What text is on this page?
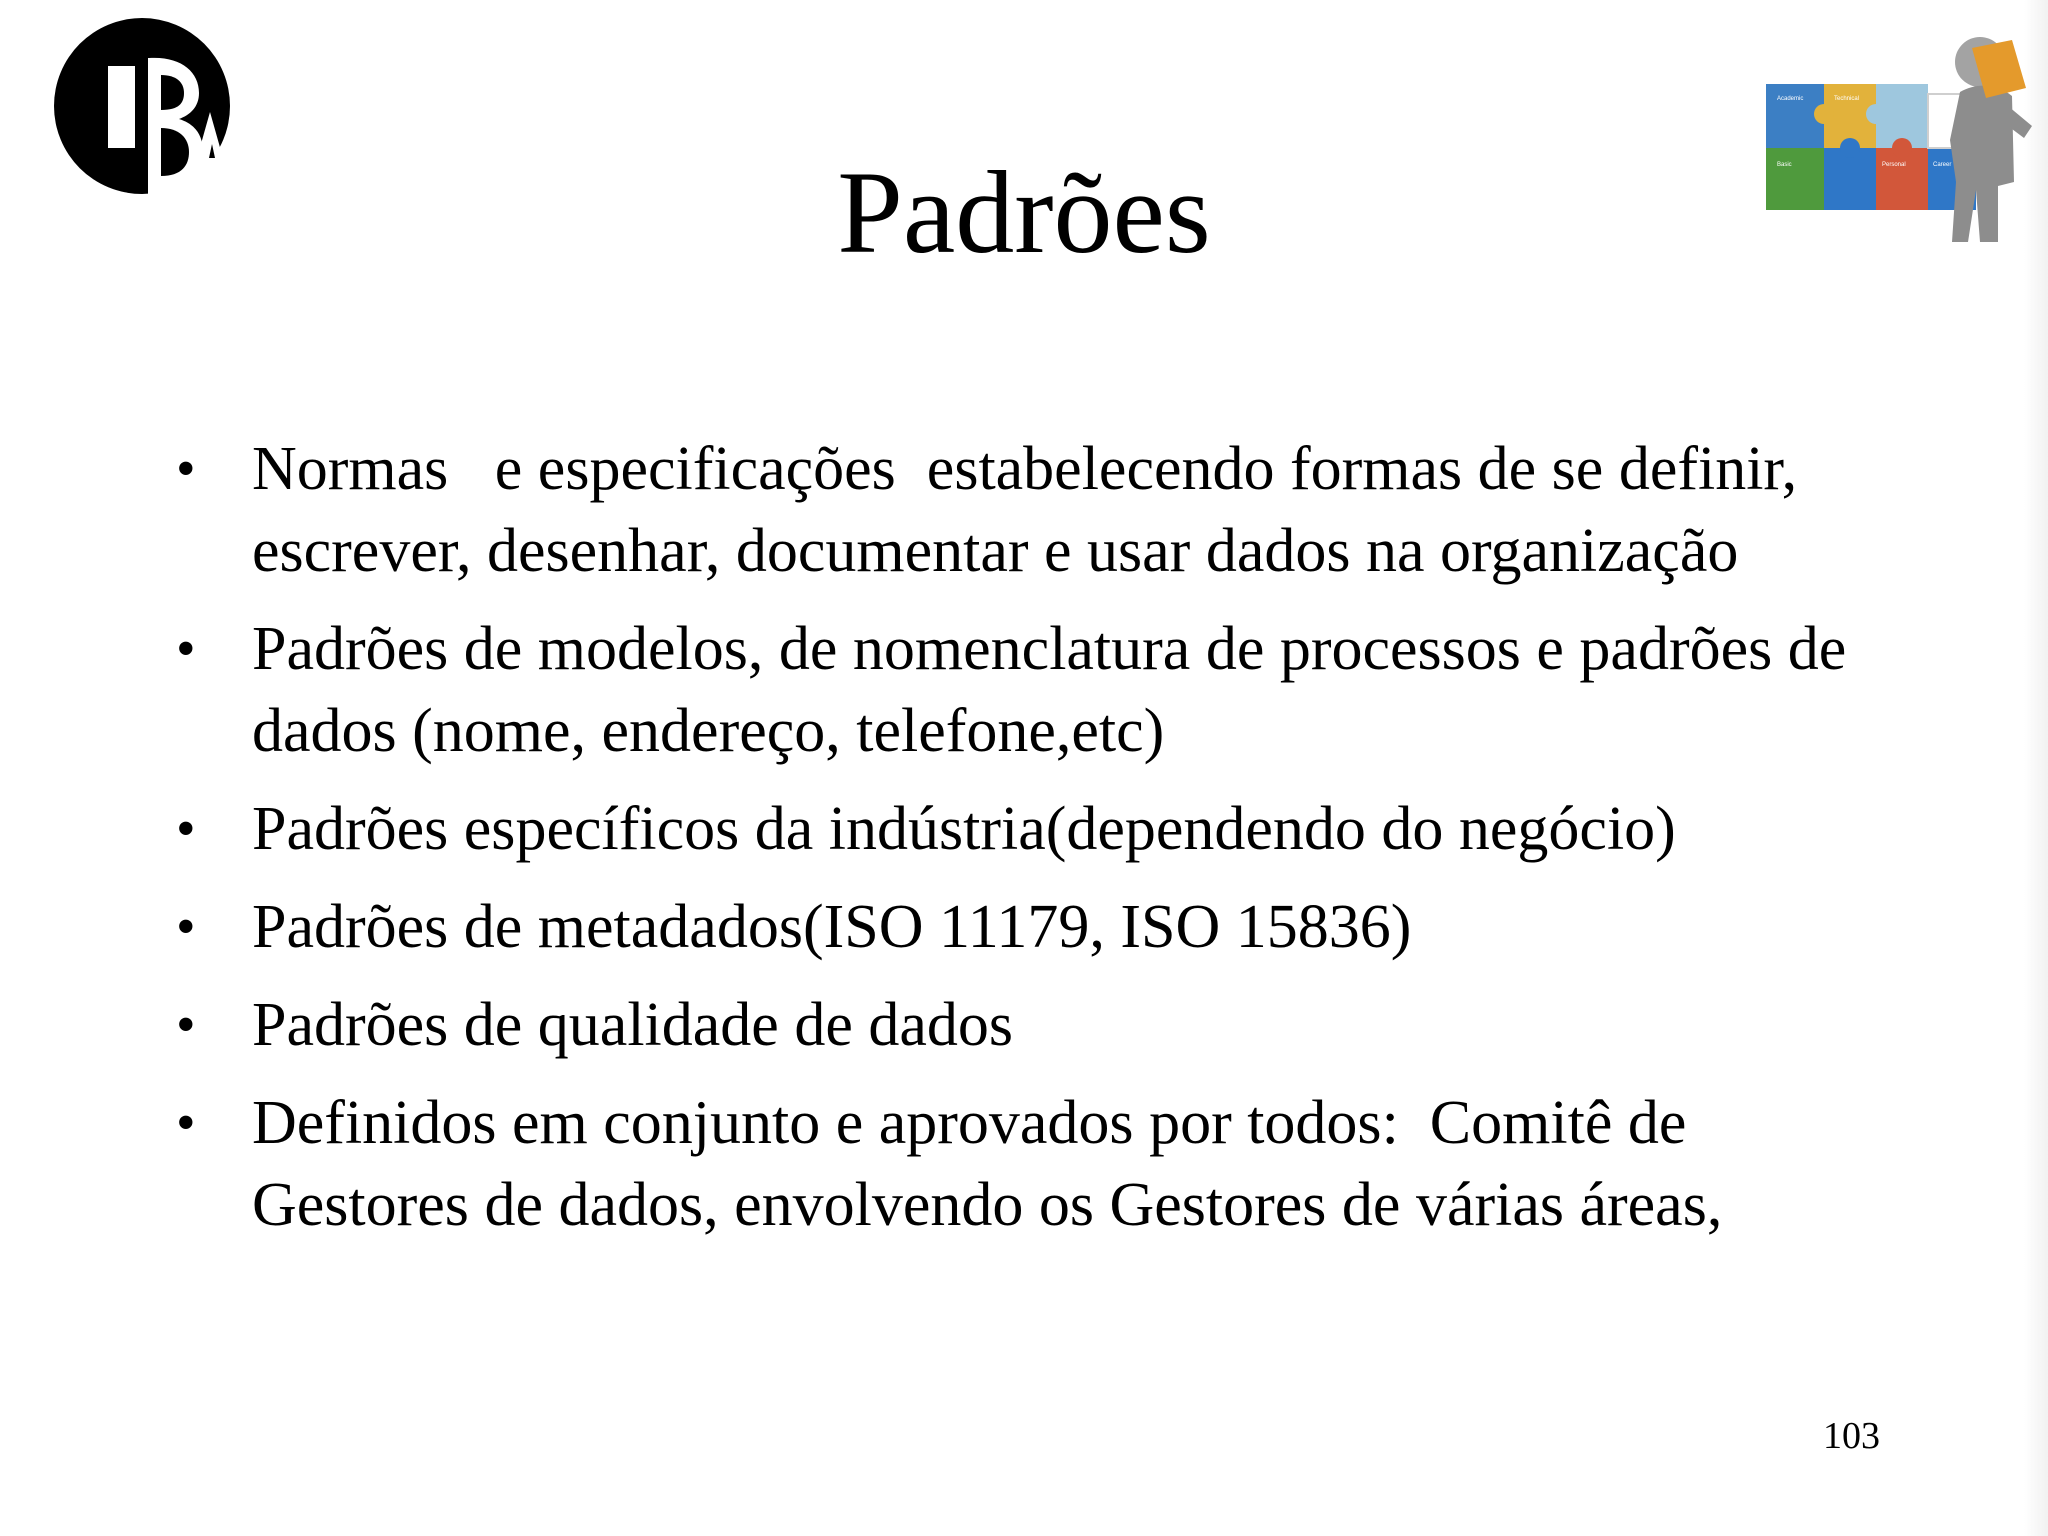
Academic	Technical
Basic	Personal	Career
Padrões
• Normas   e especificações  estabelecendo formas de se definir, escrever, desenhar, documentar e usar dados na organização
• Padrões de modelos, de nomenclatura de processos e padrões de dados (nome, endereço, telefone,etc)
• Padrões específicos da indústria(dependendo do negócio)
• Padrões de metadados(ISO 11179, ISO 15836)
• Padrões de qualidade de dados
• Definidos em conjunto e aprovados por todos:  Comitê de Gestores de dados, envolvendo os Gestores de várias áreas,
103
